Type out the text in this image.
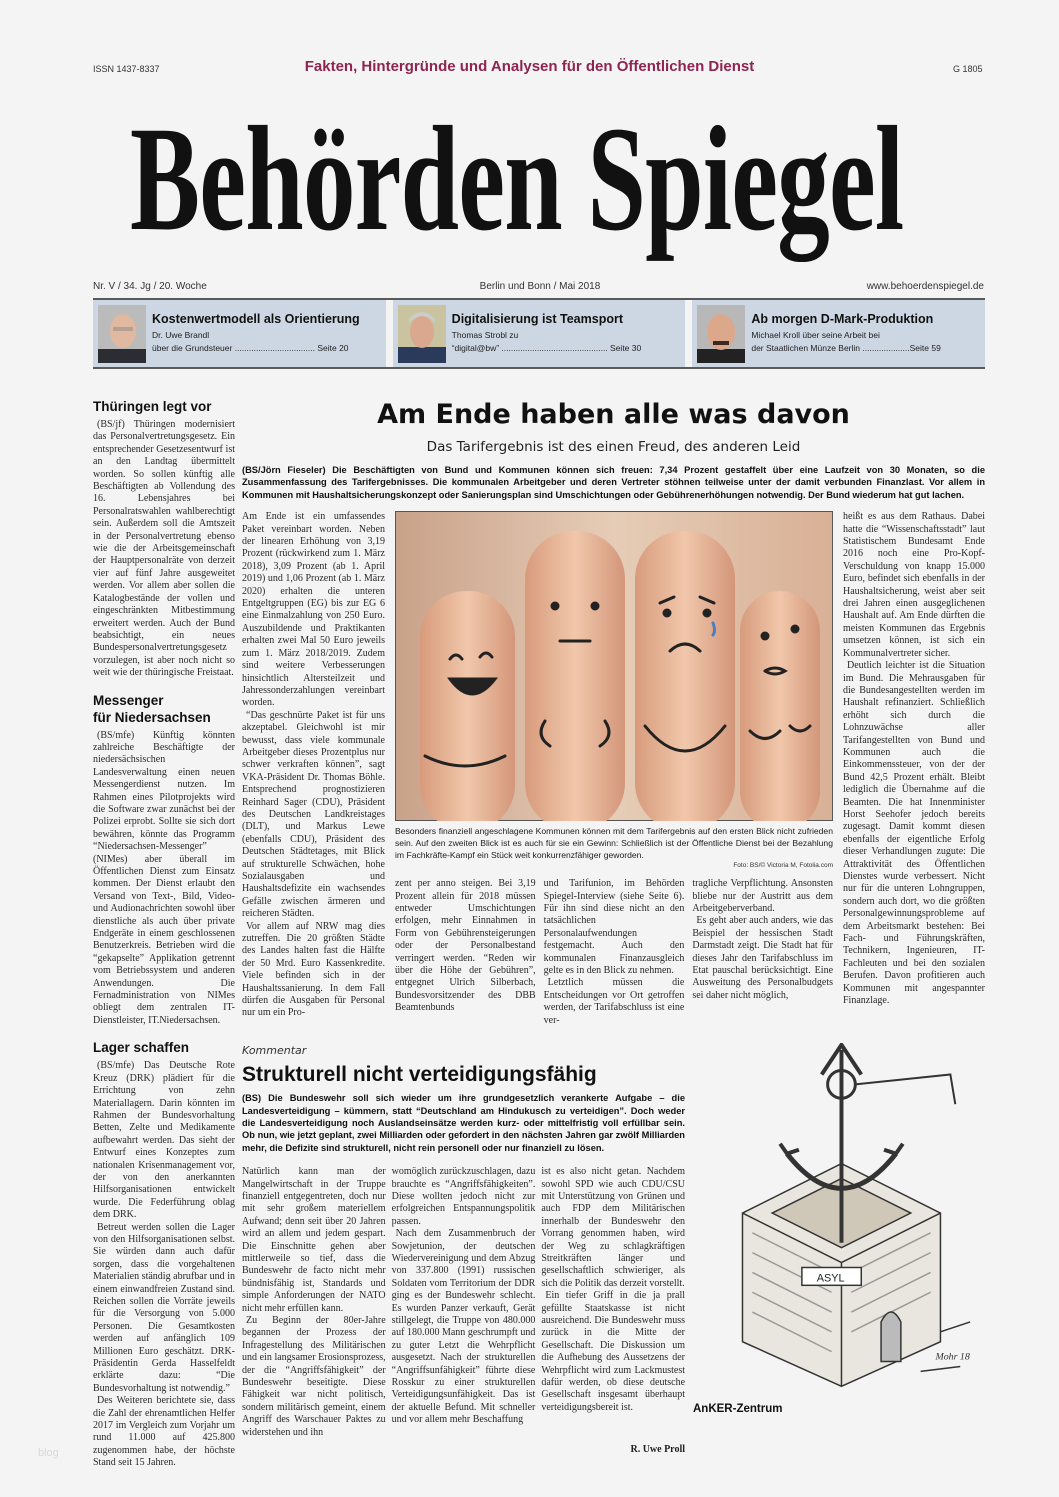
ISSN 1437-8337	Fakten, Hintergründe und Analysen für den Öffentlichen Dienst	G 1805
Behörden Spiegel
Nr. V / 34. Jg / 20. Woche	Berlin und Bonn / Mai 2018	www.behoerdenspiegel.de
Kostenwertmodell als Orientierung
Dr. Uwe Brandl
über die Grundsteuer .................................. Seite 20
Digitalisierung ist Teamsport
Thomas Strobl zu
“digital@bw” ............................................. Seite 30
Ab morgen D-Mark-Produktion
Michael Kroll über seine Arbeit bei
der Staatlichen Münze Berlin ....................Seite 59
Thüringen legt vor

(BS/jf) Thüringen modernisiert das Personalvertretungsgesetz. Ein entsprechender Gesetzesentwurf ist an den Landtag übermittelt worden. So sollen künftig alle Beschäftigten ab Vollendung des 16. Lebensjahres bei Personalratswahlen wahlberechtigt sein. Außerdem soll die Amtszeit in der Personalvertretung ebenso wie die der Arbeitsgemeinschaft der Hauptpersonalräte von derzeit vier auf fünf Jahre ausgeweitet werden. Vor allem aber sollen die Katalogbestände der vollen und eingeschränkten Mitbestimmung erweitert werden. Auch der Bund beabsichtigt, ein neues Bundespersonalvertretungsgesetz vorzulegen, ist aber noch nicht so weit wie der thüringische Freistaat.

Messenger
für Niedersachsen

(BS/mfe) Künftig könnten zahlreiche Beschäftigte der niedersächsischen Landesverwaltung einen neuen Messengerdienst nutzen. Im Rahmen eines Pilotprojekts wird die Software zwar zunächst bei der Polizei erprobt. Sollte sie sich dort bewähren, könnte das Programm “Niedersachsen-Messenger” (NIMes) aber überall im Öffentlichen Dienst zum Einsatz kommen. Der Dienst erlaubt den Versand von Text-, Bild, Video- und Audionachrichten sowohl über dienstliche als auch über private Endgeräte in einem geschlossenen Benutzerkreis. Betrieben wird die “gekapselte” Applikation getrennt vom Betriebssystem und anderen Anwendungen. Die Fernadministration von NIMes obliegt dem zentralen IT-Dienstleister, IT.Niedersachsen.

Lager schaffen

(BS/mfe) Das Deutsche Rote Kreuz (DRK) plädiert für die Errichtung von zehn Materiallagern. Darin könnten im Rahmen der Bundesvorhaltung Betten, Zelte und Medikamente aufbewahrt werden. Das sieht der Entwurf eines Konzeptes zum nationalen Krisenmanagement vor, der von den anerkannten Hilfsorganisationen entwickelt wurde. Die Federführung oblag dem DRK.

Betreut werden sollen die Lager von den Hilfsorganisationen selbst. Sie würden dann auch dafür sorgen, dass die vorgehaltenen Materialien ständig abrufbar und in einem einwandfreien Zustand sind. Reichen sollen die Vorräte jeweils für die Versorgung von 5.000 Personen. Die Gesamtkosten werden auf anfänglich 109 Millionen Euro geschätzt. DRK-Präsidentin Gerda Hasselfeldt erklärte dazu: “Die Bundesvorhaltung ist notwendig.”

Des Weiteren berichtete sie, dass die Zahl der ehrenamtlichen Helfer 2017 im Vergleich zum Vorjahr um rund 11.000 auf 425.800 zugenommen habe, der höchste Stand seit 15 Jahren.

Am Ende haben alle was davon
Das Tarifergebnis ist des einen Freud, des anderen Leid
(BS/Jörn Fieseler) Die Beschäftigten von Bund und Kommunen können sich freuen: 7,34 Prozent gestaffelt über eine Laufzeit von 30 Monaten, so die Zusammenfassung des Tarifergebnisses. Die kommunalen Arbeitgeber und deren Vertreter stöhnen teilweise unter der damit verbunden Finanzlast. Vor allem in Kommunen mit Haushaltsicherungskonzept oder Sanierungsplan sind Umschichtungen oder Gebührenerhöhungen notwendig. Der Bund wiederum hat gut lachen.

Am Ende ist ein umfassendes Paket vereinbart worden. Neben der linearen Erhöhung von 3,19 Prozent (rückwirkend zum 1. März 2018), 3,09 Prozent (ab 1. April 2019) und 1,06 Prozent (ab 1. März 2020) erhalten die unteren Entgeltgruppen (EG) bis zur EG 6 eine Einmalzahlung von 250 Euro. Auszubildende und Praktikanten erhalten zwei Mal 50 Euro jeweils zum 1. März 2018/2019. Zudem sind weitere Verbesserungen hinsichtlich Altersteilzeit und Jahressonderzahlungen vereinbart worden.

“Das geschnürte Paket ist für uns akzeptabel. Gleichwohl ist mir bewusst, dass viele kommunale Arbeitgeber dieses Prozentplus nur schwer verkraften können”, sagt VKA-Präsident Dr. Thomas Böhle. Entsprechend prognostizieren Reinhard Sager (CDU), Präsident des Deutschen Landkreistages (DLT), und Markus Lewe (ebenfalls CDU), Präsident des Deutschen Städtetages, mit Blick auf strukturelle Schwächen, hohe Sozialausgaben und Haushaltsdefizite ein wachsendes Gefälle zwischen ärmeren und reicheren Städten.

Vor allem auf NRW mag dies zutreffen. Die 20 größten Städte des Landes halten fast die Hälfte der 50 Mrd. Euro Kassenkredite. Viele befinden sich in der Haushaltssanierung. In dem Fall dürfen die Ausgaben für Personal nur um ein Pro-

Besonders finanziell angeschlagene Kommunen können mit dem Tarifergebnis auf den ersten Blick nicht zufrieden sein. Auf den zweiten Blick ist es auch für sie ein Gewinn: Schließlich ist der Öffentliche Dienst bei der Bezahlung im Fachkräfte-Kampf ein Stück weit konkurrenzfähiger geworden.
Foto: BS/© Victoria M, Fotolia.com

zent per anno steigen. Bei 3,19 Prozent allein für 2018 müssen entweder Umschichtungen erfolgen, mehr Einnahmen in Form von Gebührensteigerungen oder der Personalbestand verringert werden. “Reden wir über die Höhe der Gebühren”, entgegnet Ulrich Silberbach, Bundesvorsitzender des DBB Beamtenbunds

und Tarifunion, im Behörden Spiegel-Interview (siehe Seite 6). Für ihn sind diese nicht an den tatsächlichen Personalaufwendungen festgemacht. Auch den kommunalen Finanzausgleich gelte es in den Blick zu nehmen.

Letztlich müssen die Entscheidungen vor Ort getroffen werden, der Tarifabschluss ist eine ver-

tragliche Verpflichtung. Ansonsten bliebe nur der Austritt aus dem Arbeitgeberverband.

Es geht aber auch anders, wie das Beispiel der hessischen Stadt Darmstadt zeigt. Die Stadt hat für dieses Jahr den Tarifabschluss im Etat pauschal berücksichtigt. Eine Ausweitung des Personalbudgets sei daher nicht möglich,

heißt es aus dem Rathaus. Dabei hatte die “Wissenschaftsstadt” laut Statistischem Bundesamt Ende 2016 noch eine Pro-Kopf-Verschuldung von knapp 15.000 Euro, befindet sich ebenfalls in der Haushaltsicherung, weist aber seit drei Jahren einen ausgeglichenen Haushalt auf. Am Ende dürften die meisten Kommunen das Ergebnis umsetzen können, ist sich ein Kommunalvertreter sicher.

Deutlich leichter ist die Situation im Bund. Die Mehrausgaben für die Bundesangestellten werden im Haushalt refinanziert. Schließlich erhöht sich durch die Lohnzuwächse aller Tarifangestellten von Bund und Kommunen auch die Einkommenssteuer, von der der Bund 42,5 Prozent erhält. Bleibt lediglich die Übernahme auf die Beamten. Die hat Innenminister Horst Seehofer jedoch bereits zugesagt. Damit kommt diesen ebenfalls der eigentliche Erfolg dieser Verhandlungen zugute: Die Attraktivität des Öffentlichen Dienstes wurde verbessert. Nicht nur für die unteren Lohngruppen, sondern auch dort, wo die größten Personalgewinnungsprobleme auf dem Arbeitsmarkt bestehen: Bei Fach- und Führungskräften, Technikern, Ingenieuren, IT-Fachleuten und bei den sozialen Berufen. Davon profitieren auch Kommunen mit angespannter Finanzlage.

Kommentar
Strukturell nicht verteidigungsfähig
(BS) Die Bundeswehr soll sich wieder um ihre grundgesetzlich verankerte Aufgabe – die Landesverteidigung – kümmern, statt “Deutschland am Hindukusch zu verteidigen”. Doch weder die Landesverteidigung noch Auslandseinsätze werden kurz- oder mittelfristig voll erfüllbar sein. Ob nun, wie jetzt geplant, zwei Milliarden oder gefordert in den nächsten Jahren gar zwölf Milliarden mehr, die Defizite sind strukturell, nicht rein personell oder nur finanziell zu lösen.

Natürlich kann man der Mangelwirtschaft in der Truppe finanziell entgegentreten, doch nur mit sehr großem materiellem Aufwand; denn seit über 20 Jahren wird an allem und jedem gespart. Die Einschnitte gehen aber mittlerweile so tief, dass die Bundeswehr de facto nicht mehr bündnisfähig ist, Standards und simple Anforderungen der NATO nicht mehr erfüllen kann.

Zu Beginn der 80er-Jahre begannen der Prozess der Infragestellung des Militärischen und ein langsamer Erosionsprozess, der die “Angriffsfähigkeit” der Bundeswehr beseitigte. Diese Fähigkeit war nicht politisch, sondern militärisch gemeint, einem Angriff des Warschauer Paktes zu widerstehen und ihn

womöglich zurückzuschlagen, dazu brauchte es “Angriffsfähigkeiten”. Diese wollten jedoch nicht zur erfolgreichen Entspannungspolitik passen.

Nach dem Zusammenbruch der Sowjetunion, der deutschen Wiedervereinigung und dem Abzug von 337.800 (1991) russischen Soldaten vom Territorium der DDR ging es der Bundeswehr schlecht. Es wurden Panzer verkauft, Gerät stillgelegt, die Truppe von 480.000 auf 180.000 Mann geschrumpft und zu guter Letzt die Wehrpflicht ausgesetzt. Nach der strukturellen “Angriffsunfähigkeit” führte diese Rosskur zu einer strukturellen Verteidigungsunfähigkeit. Das ist der aktuelle Befund. Mit schneller und vor allem mehr Beschaffung

ist es also nicht getan. Nachdem sowohl SPD wie auch CDU/CSU mit Unterstützung von Grünen und auch FDP dem Militärischen innerhalb der Bundeswehr den Vorrang genommen haben, wird der Weg zu schlagkräftigen Streitkräften länger und gesellschaftlich schwieriger, als sich die Politik das derzeit vorstellt.

Ein tiefer Griff in die ja prall gefüllte Staatskasse ist nicht ausreichend. Die Bundeswehr muss zurück in die Mitte der Gesellschaft. Die Diskussion um die Aufhebung des Aussetzens der Wehrpflicht wird zum Lackmustest dafür werden, ob diese deutsche Gesellschaft insgesamt überhaupt verteidigungsbereit ist.

R. Uwe Proll
ASYL
Mohr 18
AnKER-Zentrum
blog
